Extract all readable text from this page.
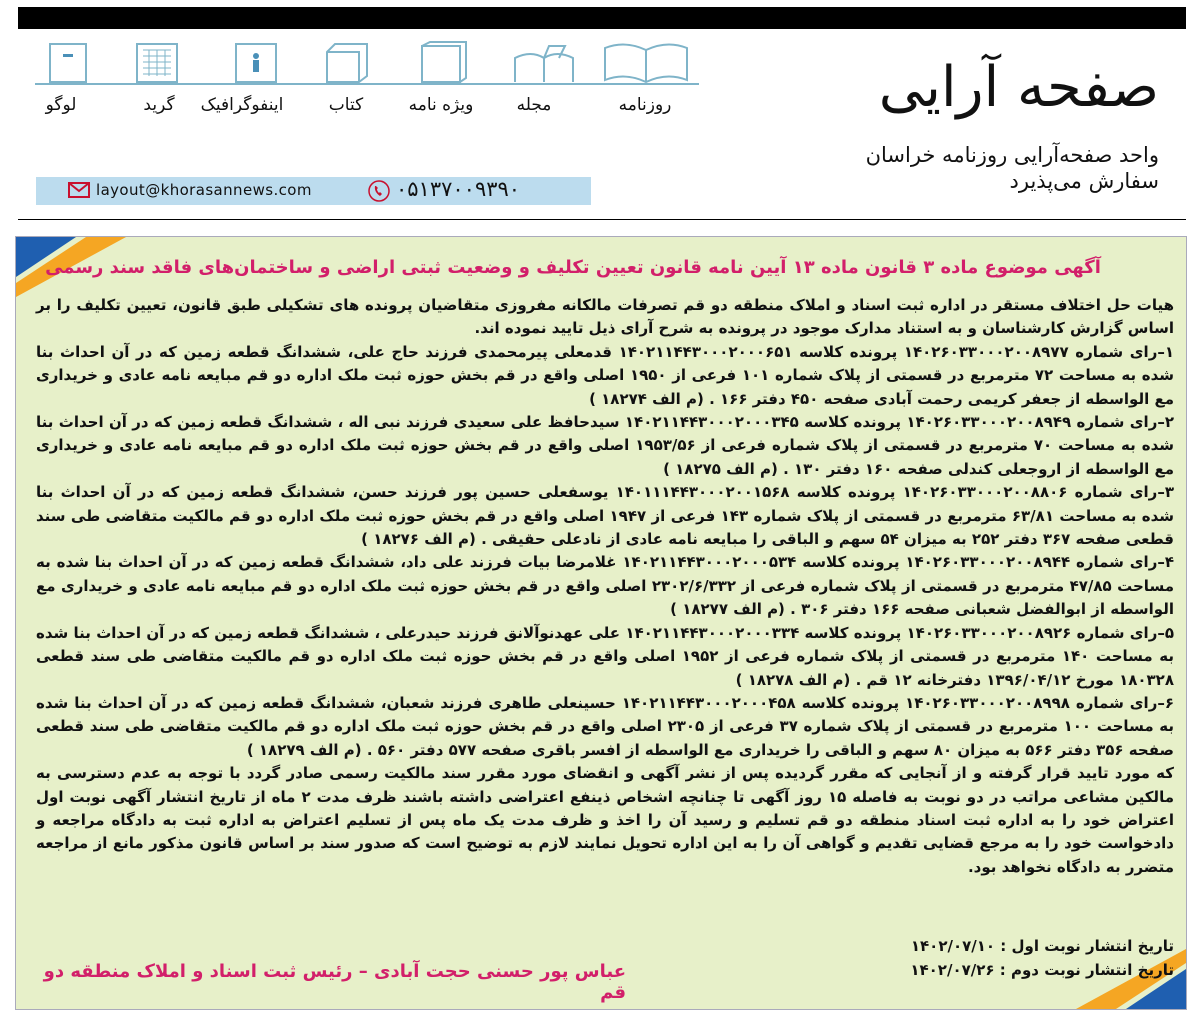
صفحه آرایی
واحد صفحه‌آرایی روزنامه خراسان
سفارش می‌پذیرد
روزنامه
مجله
ویژه نامه
کتاب
اینفوگرافیک
گرید
لوگو
layout@khorasannews.com	۰۵۱۳۷۰۰۹۳۹۰
آگهی موضوع ماده ۳ قانون ماده ۱۳ آیین نامه قانون تعیین تکلیف و وضعیت ثبتی اراضی و ساختمان‌های فاقد سند رسمی

هیات حل اختلاف مستقر در اداره ثبت اسناد و املاک منطقه دو قم تصرفات مالکانه مفروزی متقاضیان پرونده های تشکیلی طبق قانون، تعیین تکلیف را بر اساس گزارش کارشناسان و به استناد مدارک موجود در پرونده به شرح آرای ذیل تایید نموده اند.

۱–رای شماره ۱۴۰۲۶۰۳۳۰۰۰۲۰۰۸۹۷۷ پرونده کلاسه ۱۴۰۲۱۱۴۴۳۰۰۰۲۰۰۰۶۵۱ قدمعلی پیرمحمدی فرزند حاج علی، ششدانگ قطعه زمین که در آن احداث بنا شده به مساحت ۷۲ مترمربع در قسمتی از پلاک شماره ۱۰۱ فرعی از ۱۹۵۰ اصلی واقع در قم بخش حوزه ثبت ملک اداره دو قم مبایعه نامه عادی و خریداری مع الواسطه از جعفر کریمی رحمت آبادی صفحه ۴۵۰ دفتر ۱۶۶ . (م الف ۱۸۲۷۴ )

۲–رای شماره ۱۴۰۲۶۰۳۳۰۰۰۲۰۰۸۹۴۹ پرونده کلاسه ۱۴۰۲۱۱۴۴۳۰۰۰۲۰۰۰۳۴۵ سیدحافظ علی سعیدی فرزند نبی اله ، ششدانگ قطعه زمین که در آن احداث بنا شده به مساحت ۷۰ مترمربع در قسمتی از پلاک شماره فرعی از ۱۹۵۳/۵۶ اصلی واقع در قم بخش حوزه ثبت ملک اداره دو قم مبایعه نامه عادی و خریداری مع الواسطه از اروجعلی کندلی صفحه ۱۶۰ دفتر ۱۳۰ . (م الف ۱۸۲۷۵ )

۳–رای شماره ۱۴۰۲۶۰۳۳۰۰۰۲۰۰۸۸۰۶ پرونده کلاسه ۱۴۰۱۱۱۴۴۳۰۰۰۲۰۰۱۵۶۸ یوسفعلی حسین پور فرزند حسن، ششدانگ قطعه زمین که در آن احداث بنا شده به مساحت ۶۳/۸۱ مترمربع در قسمتی از پلاک شماره ۱۴۳ فرعی از ۱۹۴۷ اصلی واقع در قم بخش حوزه ثبت ملک اداره دو قم مالکیت متقاضی طی سند قطعی صفحه ۳۶۷ دفتر ۲۵۲ به میزان ۵۴ سهم و الباقی را مبایعه نامه عادی از نادعلی حقیقی . (م الف ۱۸۲۷۶ )

۴–رای شماره ۱۴۰۲۶۰۳۳۰۰۰۲۰۰۸۹۴۴ پرونده کلاسه ۱۴۰۲۱۱۴۴۳۰۰۰۲۰۰۰۵۳۴ غلامرضا بیات فرزند علی داد، ششدانگ قطعه زمین که در آن احداث بنا شده به مساحت ۴۷/۸۵ مترمربع در قسمتی از پلاک شماره فرعی از ۲۳۰۲/۶/۳۳۲ اصلی واقع در قم بخش حوزه ثبت ملک اداره دو قم مبایعه نامه عادی و خریداری مع الواسطه از ابوالفضل شعبانی صفحه ۱۶۶ دفتر ۳۰۶ . (م الف ۱۸۲۷۷ )

۵–رای شماره ۱۴۰۲۶۰۳۳۰۰۰۲۰۰۸۹۲۶ پرونده کلاسه ۱۴۰۲۱۱۴۴۳۰۰۰۲۰۰۰۳۳۴ علی عهدنوآلانق فرزند حیدرعلی ، ششدانگ قطعه زمین که در آن احداث بنا شده به مساحت ۱۴۰ مترمربع در قسمتی از پلاک شماره فرعی از ۱۹۵۲ اصلی واقع در قم بخش حوزه ثبت ملک اداره دو قم مالکیت متقاضی طی سند قطعی ۱۸۰۳۲۸ مورخ ۱۳۹۶/۰۴/۱۲ دفترخانه ۱۲ قم . (م الف ۱۸۲۷۸ )

۶–رای شماره ۱۴۰۲۶۰۳۳۰۰۰۲۰۰۸۹۹۸ پرونده کلاسه ۱۴۰۲۱۱۴۴۳۰۰۰۲۰۰۰۴۵۸ حسینعلی طاهری فرزند شعبان، ششدانگ قطعه زمین که در آن احداث بنا شده به مساحت ۱۰۰ مترمربع در قسمتی از پلاک شماره ۳۷ فرعی از ۲۳۰۵ اصلی واقع در قم بخش حوزه ثبت ملک اداره دو قم مالکیت متقاضی طی سند قطعی صفحه ۳۵۶ دفتر ۵۶۶ به میزان ۸۰ سهم و الباقی را خریداری مع الواسطه از افسر باقری صفحه ۵۷۷ دفتر ۵۶۰ . (م الف ۱۸۲۷۹ )

که مورد تایید قرار گرفته و از آنجایی که مقرر گردیده پس از نشر آگهی و انقضای مورد مقرر سند مالکیت رسمی صادر گردد با توجه به عدم دسترسی به مالکین مشاعی مراتب در دو نوبت به فاصله ۱۵ روز آگهی تا چنانچه اشخاص ذینفع اعتراضی داشته باشند ظرف مدت ۲ ماه از تاریخ انتشار آگهی نوبت اول اعتراض خود را به اداره ثبت اسناد منطقه دو قم تسلیم و رسید آن را اخذ و ظرف مدت یک ماه پس از تسلیم اعتراض به اداره ثبت به دادگاه مراجعه و دادخواست خود را به مرجع قضایی تقدیم و گواهی آن را به این اداره تحویل نمایند لازم به توضیح است که صدور سند بر اساس قانون مذکور مانع از مراجعه متضرر به دادگاه نخواهد بود.

تاریخ انتشار نوبت اول : ۱۴۰۲/۰۷/۱۰
تاریخ انتشار نوبت دوم : ۱۴۰۲/۰۷/۲۶
عباس پور حسنی حجت آبادی – رئیس ثبت اسناد و املاک منطقه دو قم
